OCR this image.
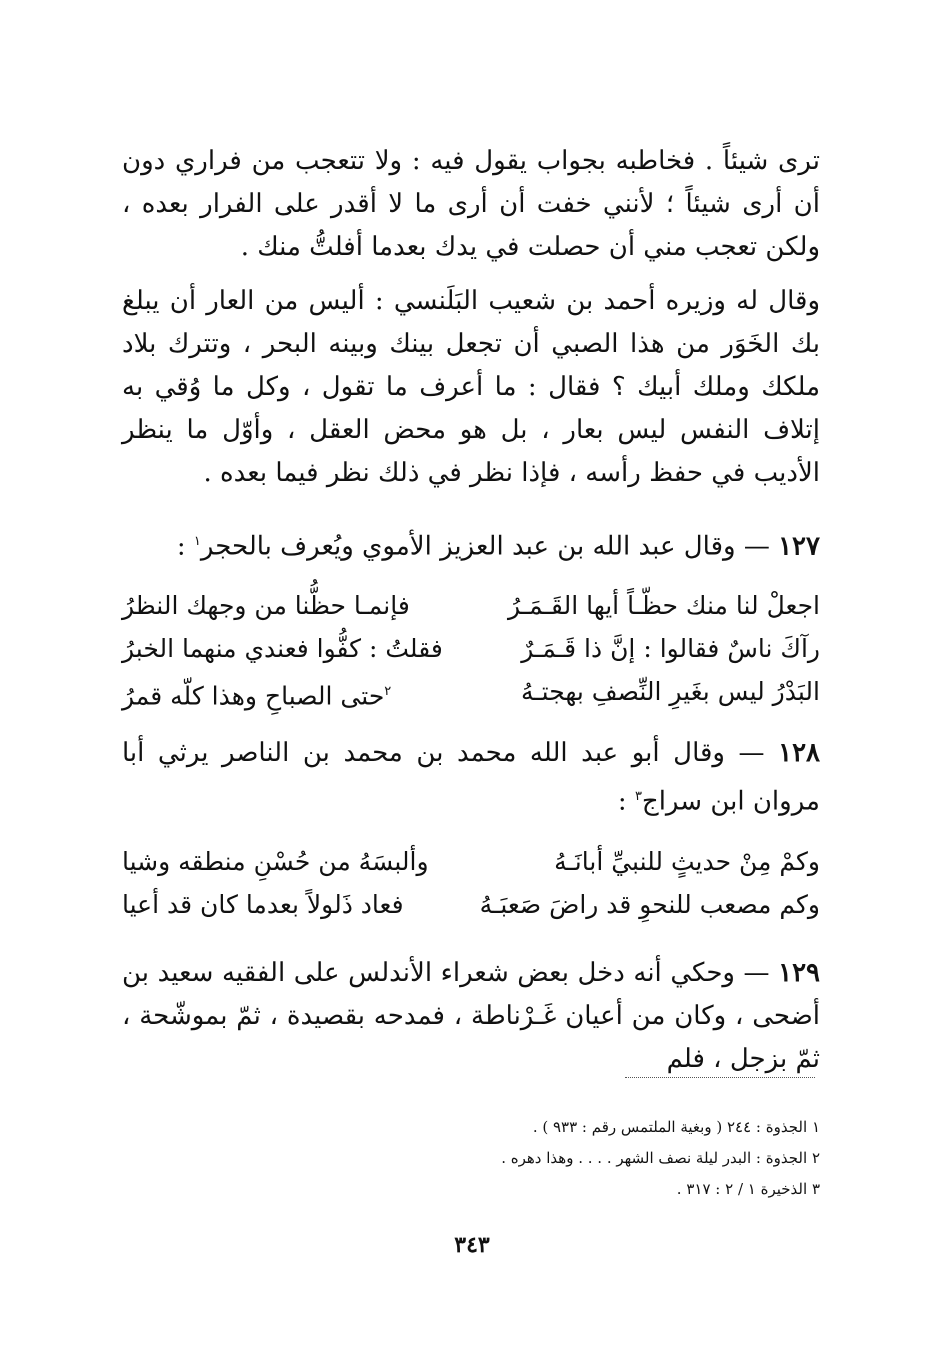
ترى شيئاً . فخاطبه بجواب يقول فيه : ولا تتعجب من فراري دون أن أرى شيئاً ؛ لأنني خفت أن أرى ما لا أقدر على الفرار بعده ، ولكن تعجب مني أن حصلت في يدك بعدما أفلتُّ منك .

وقال له وزيره أحمد بن شعيب البَلَنسي : أليس من العار أن يبلغ بك الخَوَر من هذا الصبي أن تجعل بينك وبينه البحر ، وتترك بلاد ملكك وملك أبيك ؟ فقال : ما أعرف ما تقول ، وكل ما وُقي به إتلاف النفس ليس بعار ، بل هو محض العقل ، وأوّل ما ينظر الأديب في حفظ رأسه ، فإذا نظر في ذلك نظر فيما بعده .

١٢٧ — وقال عبد الله بن عبد العزيز الأموي ويُعرف بالحجر$^١$ :

اجعلْ لنا منك حظّـاً أيها القَـمَـرُ
فإنمـا حظُّنا من وجهك النظرُ
رآكَ ناسٌ فقالوا : إنَّ ذا قَـمَـرٌ
فقلتُ : كفُّوا فعندي منهما الخبرُ
البَدْرُ ليس بغَيرِ النِّصفِ بهجتـهُ
$^٢$حتى الصباحِ وهذا كلّه قمرُ

١٢٨ — وقال أبو عبد الله محمد بن محمد بن الناصر يرثي أبا مروان ابن سراج$^٣$ :

وكمْ مِنْ حديثٍ للنبيِّ أبانَـهُ
وألبسَهُ من حُسْنِ منطقه وشيا
وكم مصعب للنحوِ قد راضَ صَعبَـهُ
فعاد ذَلولاً بعدما كان قد أعيا

١٢٩ — وحكي أنه دخل بعض شعراء الأندلس على الفقيه سعيد بن أضحى ، وكان من أعيان غَـرْناطة ، فمدحه بقصيدة ، ثمّ بموشّحة ، ثمّ بزجل ، فلم

١ الجذوة : ٢٤٤ ( وبغية الملتمس رقم : ٩٣٣ ) .
٢ الجذوة : البدر ليلة نصف الشهر . . . . وهذا دهره .
٣ الذخيرة ١ / ٢ : ٣١٧ .
٣٤٣
